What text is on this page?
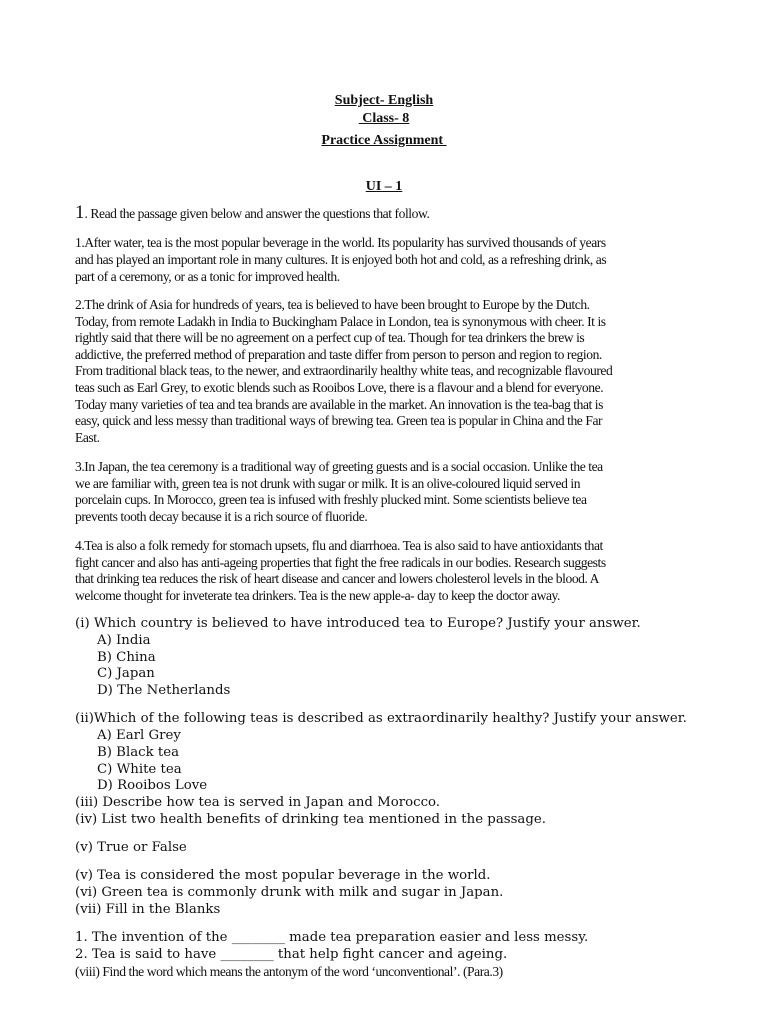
Subject- English
Class- 8
Practice Assignment
UI – 1
1. Read the passage given below and answer the questions that follow.
1.After water, tea is the most popular beverage in the world. Its popularity has survived thousands of years
and has played an important role in many cultures. It is enjoyed both hot and cold, as a refreshing drink, as
part of a ceremony, or as a tonic for improved health.
2.The drink of Asia for hundreds of years, tea is believed to have been brought to Europe by the Dutch.
Today, from remote Ladakh in India to Buckingham Palace in London, tea is synonymous with cheer. It is
rightly said that there will be no agreement on a perfect cup of tea. Though for tea drinkers the brew is
addictive, the preferred method of preparation and taste differ from person to person and region to region.
From traditional black teas, to the newer, and extraordinarily healthy white teas, and recognizable flavoured
teas such as Earl Grey, to exotic blends such as Rooibos Love, there is a flavour and a blend for everyone.
Today many varieties of tea and tea brands are available in the market. An innovation is the tea-bag that is
easy, quick and less messy than traditional ways of brewing tea. Green tea is popular in China and the Far
East.
3.In Japan, the tea ceremony is a traditional way of greeting guests and is a social occasion. Unlike the tea
we are familiar with, green tea is not drunk with sugar or milk. It is an olive-coloured liquid served in
porcelain cups. In Morocco, green tea is infused with freshly plucked mint. Some scientists believe tea
prevents tooth decay because it is a rich source of fluoride.
4.Tea is also a folk remedy for stomach upsets, flu and diarrhoea. Tea is also said to have antioxidants that
fight cancer and also has anti-ageing properties that fight the free radicals in our bodies. Research suggests
that drinking tea reduces the risk of heart disease and cancer and lowers cholesterol levels in the blood. A
welcome thought for inveterate tea drinkers. Tea is the new apple-a- day to keep the doctor away.
(i) Which country is believed to have introduced tea to Europe? Justify your answer.
A) India
B) China
C) Japan
D) The Netherlands
(ii)Which of the following teas is described as extraordinarily healthy? Justify your answer.
A) Earl Grey
B) Black tea
C) White tea
D) Rooibos Love
(iii) Describe how tea is served in Japan and Morocco.
(iv) List two health benefits of drinking tea mentioned in the passage.
(v) True or False
(v) Tea is considered the most popular beverage in the world.
(vi) Green tea is commonly drunk with milk and sugar in Japan.
(vii) Fill in the Blanks
1. The invention of the ________ made tea preparation easier and less messy.
2. Tea is said to have ________ that help fight cancer and ageing.
(viii) Find the word which means the antonym of the word ‘unconventional’. (Para.3)
